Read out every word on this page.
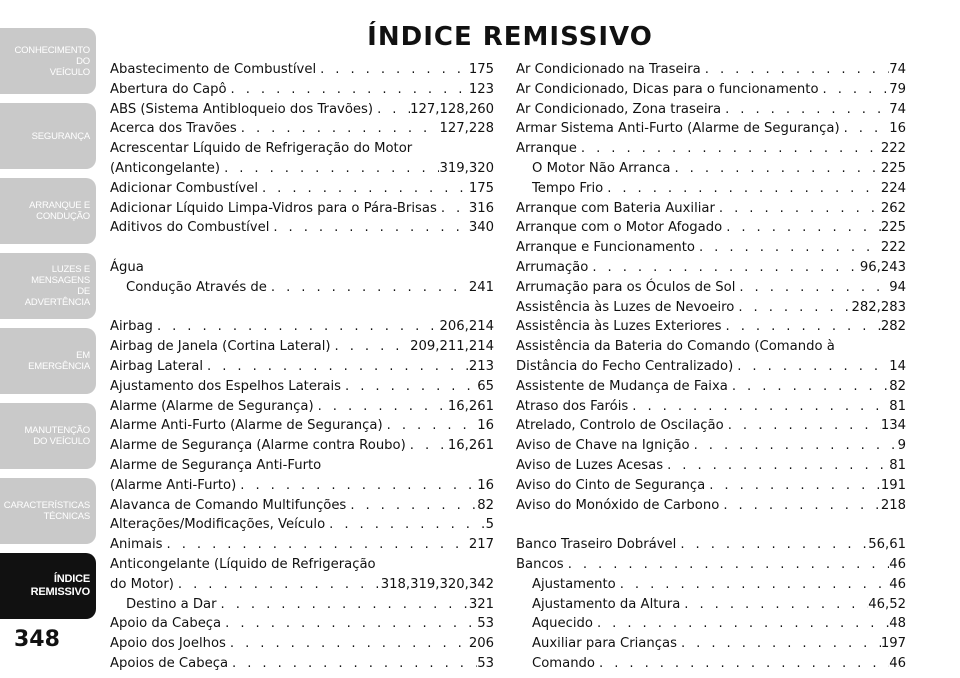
CONHECIMENTO
DO
VEÍCULO
SEGURANÇA
ARRANQUE E
CONDUÇÃO
LUZES E
MENSAGENS
DE
ADVERTÊNCIA
EM
EMERGÊNCIA
MANUTENÇÃO
DO VEÍCULO
CARACTERÍSTICAS
TÉCNICAS
ÍNDICE
REMISSIVO
348
ÍNDICE REMISSIVO
Abastecimento de Combustível . . .	175
Abertura do Capô . . .	123
ABS (Sistema Antibloqueio dos Travões) . . .	127,128,260
Acerca dos Travões . . .	127,228
Acrescentar Líquido de Refrigeração do Motor
(Anticongelante) . . .	319,320
Adicionar Combustível . . .	175
Adicionar Líquido Limpa-Vidros para o Pára-Brisas . . . 316
Aditivos do Combustível . . .	340
Água
Condução Através de . . .	241
Airbag . . .	206,214
Airbag de Janela (Cortina Lateral) . . .	209,211,214
Airbag Lateral . . .	213
Ajustamento dos Espelhos Laterais . . .	65
Alarme (Alarme de Segurança) . . .	16,261
Alarme Anti-Furto (Alarme de Segurança) . . .	16
Alarme de Segurança (Alarme contra Roubo) . . .	16,261
Alarme de Segurança Anti-Furto
(Alarme Anti-Furto) . . .	16
Alavanca de Comando Multifunções . . .	82
Alterações/Modificações, Veículo . . .	5
Animais . . .	217
Anticongelante (Líquido de Refrigeração
do Motor) . . .	318,319,320,342
Destino a Dar . . .	321
Apoio da Cabeça . . .	53
Apoio dos Joelhos . . .	206
Apoios de Cabeça . . .	53
Ar Condicionado na Traseira . . .	74
Ar Condicionado, Dicas para o funcionamento . . .	79
Ar Condicionado, Zona traseira . . .	74
Armar Sistema Anti-Furto (Alarme de Segurança) . . .	16
Arranque . . .	222
O Motor Não Arranca . . .	225
Tempo Frio . . .	224
Arranque com Bateria Auxiliar . . .	262
Arranque com o Motor Afogado . . .	225
Arranque e Funcionamento . . .	222
Arrumação . . .	96,243
Arrumação para os Óculos de Sol . . .	94
Assistência às Luzes de Nevoeiro . . .	282,283
Assistência às Luzes Exteriores . . .	282
Assistência da Bateria do Comando (Comando à
Distância do Fecho Centralizado) . . .	14
Assistente de Mudança de Faixa . . .	82
Atraso dos Faróis . . .	81
Atrelado, Controlo de Oscilação . . .	134
Aviso de Chave na Ignição . . .	9
Aviso de Luzes Acesas . . .	81
Aviso do Cinto de Segurança . . .	191
Aviso do Monóxido de Carbono . . .	218
Banco Traseiro Dobrável . . .	56,61
Bancos . . .	46
Ajustamento . . .	46
Ajustamento da Altura . . .	46,52
Aquecido . . .	48
Auxiliar para Crianças . . .	197
Comando . . .	46
